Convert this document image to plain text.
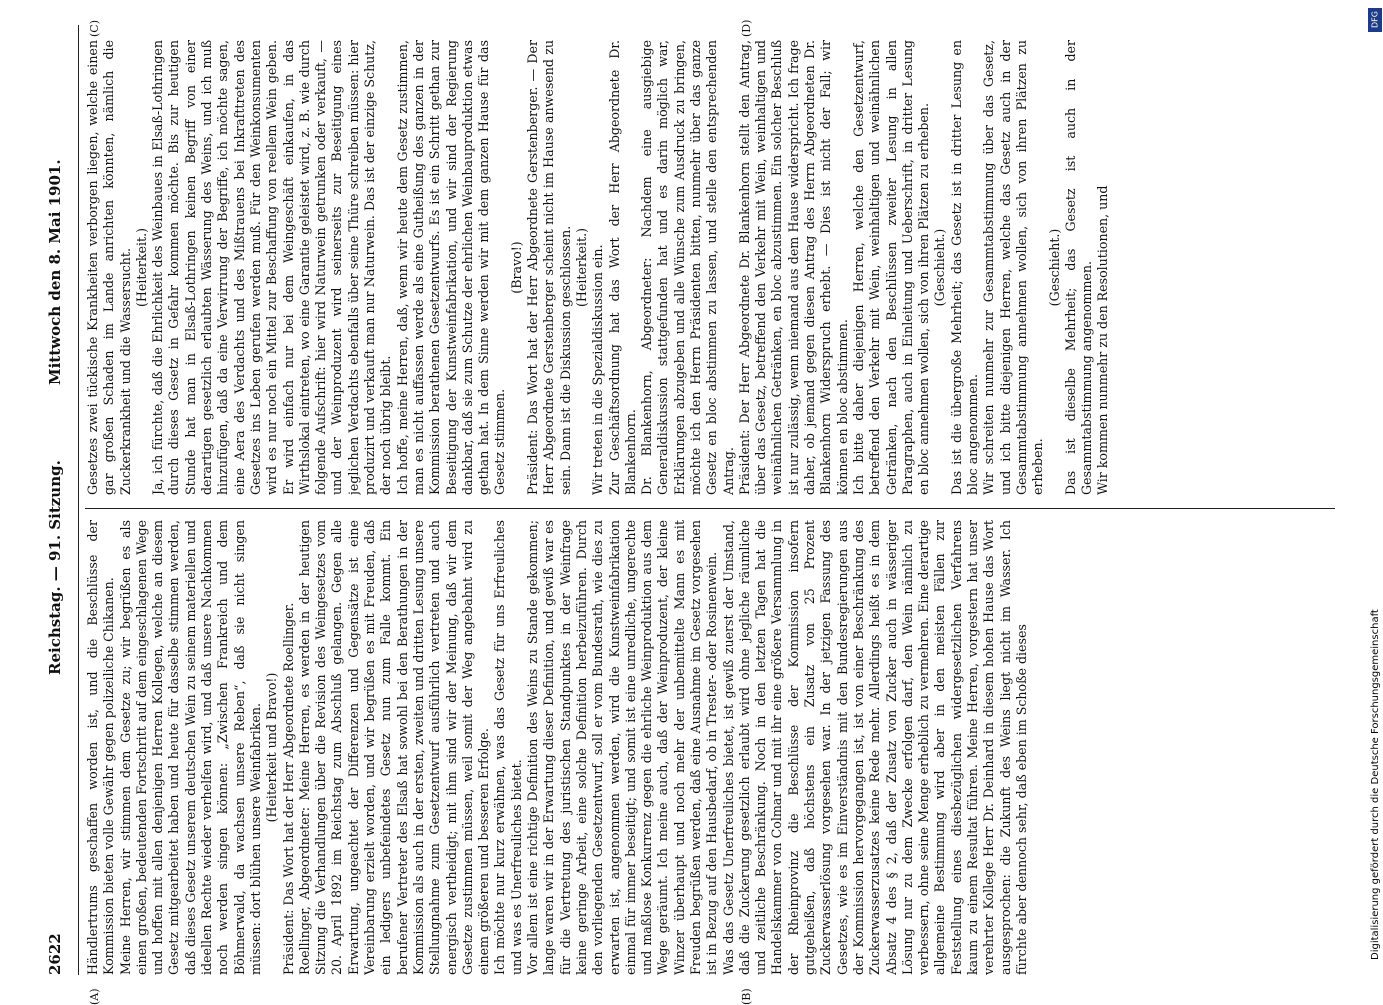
2622
Reichstag. — 91. Sitzung.
Mittwoch den 8. Mai 1901.
(A)	(B)
(C)	(D)

Händlertrums geschaffen worden ist, und die Beschlüsse der Kommission bieten volle Gewähr gegen polizeiliche Chikanen. Meine Herren, wir stimmen dem Gesetze zu; wir begrüßen es als einen großen, bedeutenden Fortschritt auf dem eingeschlagenen Wege und hoffen mit allen denjenigen Herren Kollegen, welche an diesem Gesetz mitgearbeitet haben und heute für dasselbe stimmen werden, daß dieses Gesetz unserem deutschen Wein zu seinem materiellen und ideellen Rechte wieder verhelfen wird, und daß unsere Nachkommen noch werden singen können: „Zwischen Frankreich und dem Böhmerwald, da wachsen unsere Reben“, daß sie nicht singen müssen: dort blühen unsere Weinfabriken. (Heiterkeit und Bravo!) Präsident: Das Wort hat der Herr Abgeordnete Roellinger. Roellinger, Abgeordneter: Meine Herren, es werden in der heutigen Sitzung die Verhandlungen über die Revision des Weingesetzes vom 20. April 1892 im Reichstag zum Abschluß gelangen. Gegen alle Erwartung, ungeachtet der Differenzen und Gegensätze ist eine Vereinbarung erzielt worden, und wir begrüßen es mit Freuden, daß ein ledigers unbefeindetes Gesetz nun zum Falle kommt. Ein berufener Vertreter des Elsaß hat sowohl bei den Berathungen in der Kommission als auch in der ersten, zweiten und dritten Lesung unsere Stellungnahme zum Gesetzentwurf ausführlich vertreten und auch energisch vertheidigt; mit ihm sind wir der Meinung, daß wir dem Gesetze zustimmen müssen, weil somit der Weg angebahnt wird zu einem größeren und besseren Erfolge. Ich möchte nur kurz erwähnen, was das Gesetz für uns Erfreuliches und was es Unerfreuliches bietet. Vor allem ist eine richtige Definition des Weins zu Stande gekommen; lange waren wir in der Erwartung dieser Definition, und gewiß war es für die Vertretung des juristischen Standpunktes in der Weinfrage keine geringe Arbeit, eine solche Definition herbeizuführen. Durch den vorliegenden Gesetzentwurf, soll er vom Bundesrath, wie dies zu erwarten ist, angenommen werden, wird die Kunstweinfabrikation einmal für immer beseitigt; und somit ist eine unredliche, ungerechte und maßlose Konkurrenz gegen die ehrliche Weinproduktion aus dem Wege geräumt. Ich meine auch, daß der Weinproduzent, der kleine Winzer überhaupt und noch mehr der unbemittelte Mann es mit Freuden begrüßen werden, daß eine Ausnahme im Gesetz vorgesehen ist in Bezug auf den Hausbedarf, ob in Trester- oder Rosinenwein. Was das Gesetz Unerfreuliches bietet, ist gewiß zuerst der Umstand, daß die Zuckerung gesetzlich erlaubt wird ohne jegliche räumliche und zeitliche Beschränkung. Noch in den letzten Tagen hat die Handelskammer von Colmar und mit ihr eine größere Versammlung in der Rheinprovinz die Beschlüsse der Kommission insofern gutgeheißen, daß höchstens ein Zusatz von 25 Prozent Zuckerwasserlösung vorgesehen war. In der jetzigen Fassung des Gesetzes, wie es im Einverständnis mit den Bundesregierungen aus der Kommission hervorgegangen ist, ist von einer Beschränkung des Zuckerwasserzusatzes keine Rede mehr. Allerdings heißt es in dem Absatz 4 des § 2, daß der Zusatz von Zucker auch in wässeriger Lösung nur zu dem Zwecke erfolgen darf, den Wein nämlich zu verbessern, ohne seine Menge erheblich zu vermehren. Eine derartige allgemeine Bestimmung wird aber in den meisten Fällen zur Feststellung eines diesbezüglichen widergesetzlichen Verfahrens kaum zu einem Resultat führen. Meine Herren, vorgestern hat unser verehrter Kollege Herr Dr. Deinhard in diesem hohen Hause das Wort ausgesprochen: die Zukunft des Weins liegt nicht im Wasser. Ich fürchte aber dennoch sehr, daß eben im Schoße dieses

Gesetzes zwei tückische Krankheiten verborgen liegen, welche einen gar großen Schaden im Lande anrichten könnten, nämlich die Zuckerkrankheit und die Wassersucht. (Heiterkeit.) Ja, ich fürchte, daß die Ehrlichkeit des Weinbaues in Elsaß-Lothringen durch dieses Gesetz in Gefahr kommen möchte. Bis zur heutigen Stunde hat man in Elsaß-Lothringen keinen Begriff von einer derartigen gesetzlich erlaubten Wässerung des Weins, und ich muß hinzufügen, daß da eine Verwirrung der Begriffe, ich möchte sagen, eine Aera des Verdachts und des Mißtrauens bei Inkrafttreten des Gesetzes ins Leben gerufen werden muß. Für den Weinkonsumenten wird es nur noch ein Mittel zur Beschaffung von reellem Wein geben. Er wird einfach nur bei dem Weingeschäft einkaufen, in das Wirthslokal eintreten, wo eine Garantie geleistet wird, z. B. wie durch folgende Aufschrift: hier wird Naturwein getrunken oder verkauft, — und der Weinproduzent wird seinerseits zur Beseitigung eines jeglichen Verdachts ebenfalls über seine Thüre schreiben müssen: hier produzirt und verkauft man nur Naturwein. Das ist der einzige Schutz, der noch übrig bleibt. Ich hoffe, meine Herren, daß, wenn wir heute dem Gesetz zustimmen, man es nicht auffassen werde als eine Gutheißung des ganzen in der Kommission berathenen Gesetzentwurfs. Es ist ein Schritt gethan zur Beseitigung der Kunstweinfabrikation, und wir sind der Regierung dankbar, daß sie zum Schutze der ehrlichen Weinbauproduktion etwas gethan hat. In dem Sinne werden wir mit dem ganzen Hause für das Gesetz stimmen.

(Bravo!) Präsident: Das Wort hat der Herr Abgeordnete Gerstenberger. — Der Herr Abgeordnete Gerstenberger scheint nicht im Hause anwesend zu sein. Dann ist die Diskussion geschlossen. (Heiterkeit.) Wir treten in die Spezialdiskussion ein. Zur Geschäftsordnung hat das Wort der Herr Abgeordnete Dr. Blankenhorn. Dr. Blankenhorn, Abgeordneter: Nachdem eine ausgiebige Generaldiskussion stattgefunden hat und es darin möglich war, Erklärungen abzugeben und alle Wünsche zum Ausdruck zu bringen, möchte ich den Herrn Präsidenten bitten, nunmehr über das ganze Gesetz en bloc abstimmen zu lassen, und stelle den entsprechenden Antrag. Präsident: Der Herr Abgeordnete Dr. Blankenhorn stellt den Antrag, über das Gesetz, betreffend den Verkehr mit Wein, weinhaltigen und weinähnlichen Getränken, en bloc abzustimmen. Ein solcher Beschluß ist nur zulässig, wenn niemand aus dem Hause widerspricht. Ich frage daher, ob jemand gegen diesen Antrag des Herrn Abgeordneten Dr. Blankenhorn Widerspruch erhebt. — Dies ist nicht der Fall; wir können en bloc abstimmen. Ich bitte daher diejenigen Herren, welche den Gesetzentwurf, betreffend den Verkehr mit Wein, weinhaltigen und weinähnlichen Getränken, nach den Beschlüssen zweiter Lesung in allen Paragraphen, auch in Einleitung und Ueberschrift, in dritter Lesung en bloc annehmen wollen, sich von ihren Plätzen zu erheben. (Geschieht.) Das ist die übergroße Mehrheit; das Gesetz ist in dritter Lesung en bloc angenommen. Wir schreiten nunmehr zur Gesammtabstimmung über das Gesetz, und ich bitte diejenigen Herren, welche das Gesetz auch in der Gesammtabstimmung annehmen wollen, sich von ihren Plätzen zu erheben.

(Geschieht.) Das ist dieselbe Mehrheit; das Gesetz ist auch in der Gesammtabstimmung angenommen. Wir kommen nunmehr zu den Resolutionen, und

DFG
Digitalisierung gefördert durch die Deutsche Forschungsgemeinschaft
